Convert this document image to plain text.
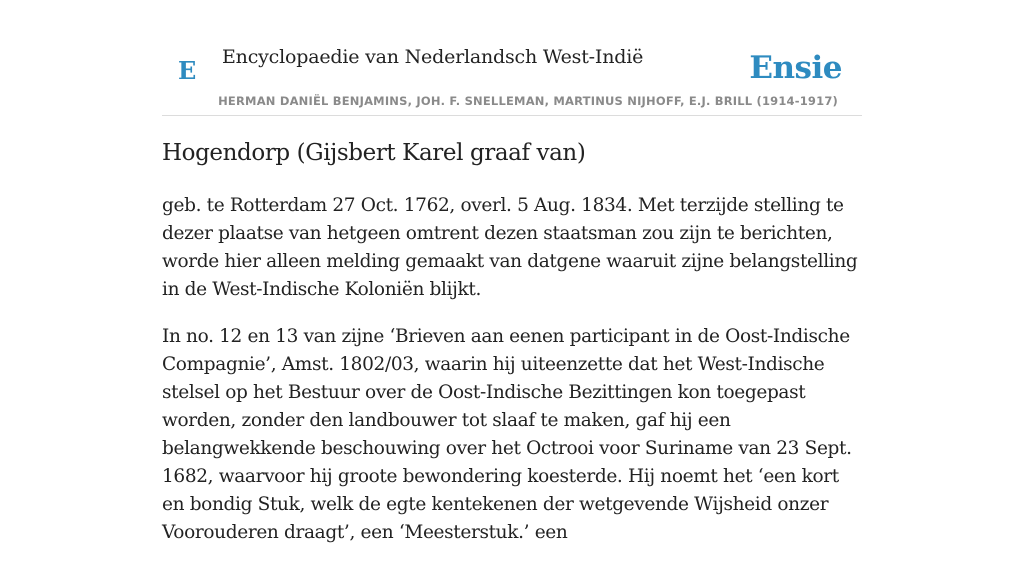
E Encyclopaedie van Nederlandsch West-Indië	Ensie
HERMAN DANIËL BENJAMINS, JOH. F. SNELLEMAN, MARTINUS NIJHOFF, E.J. BRILL (1914-1917)
Hogendorp (Gijsbert Karel graaf van)

geb. te Rotterdam 27 Oct. 1762, overl. 5 Aug. 1834. Met terzijde stelling te dezer plaatse van hetgeen omtrent dezen staatsman zou zijn te berichten, worde hier alleen melding gemaakt van datgene waaruit zijne belangstelling in de West-Indische Koloniën blijkt.

In no. 12 en 13 van zijne ‘Brieven aan eenen participant in de Oost-Indische Compagnie’, Amst. 1802/03, waarin hij uiteenzette dat het West-Indische stelsel op het Bestuur over de Oost-Indische Bezittingen kon toegepast worden, zonder den landbouwer tot slaaf te maken, gaf hij een belangwekkende beschouwing over het Octrooi voor Suriname van 23 Sept. 1682, waarvoor hij groote bewondering koesterde. Hij noemt het ‘een kort en bondig Stuk, welk de egte kentekenen der wetgevende Wijsheid onzer Voorouderen draagt’, een ‘Meesterstuk.’ een
